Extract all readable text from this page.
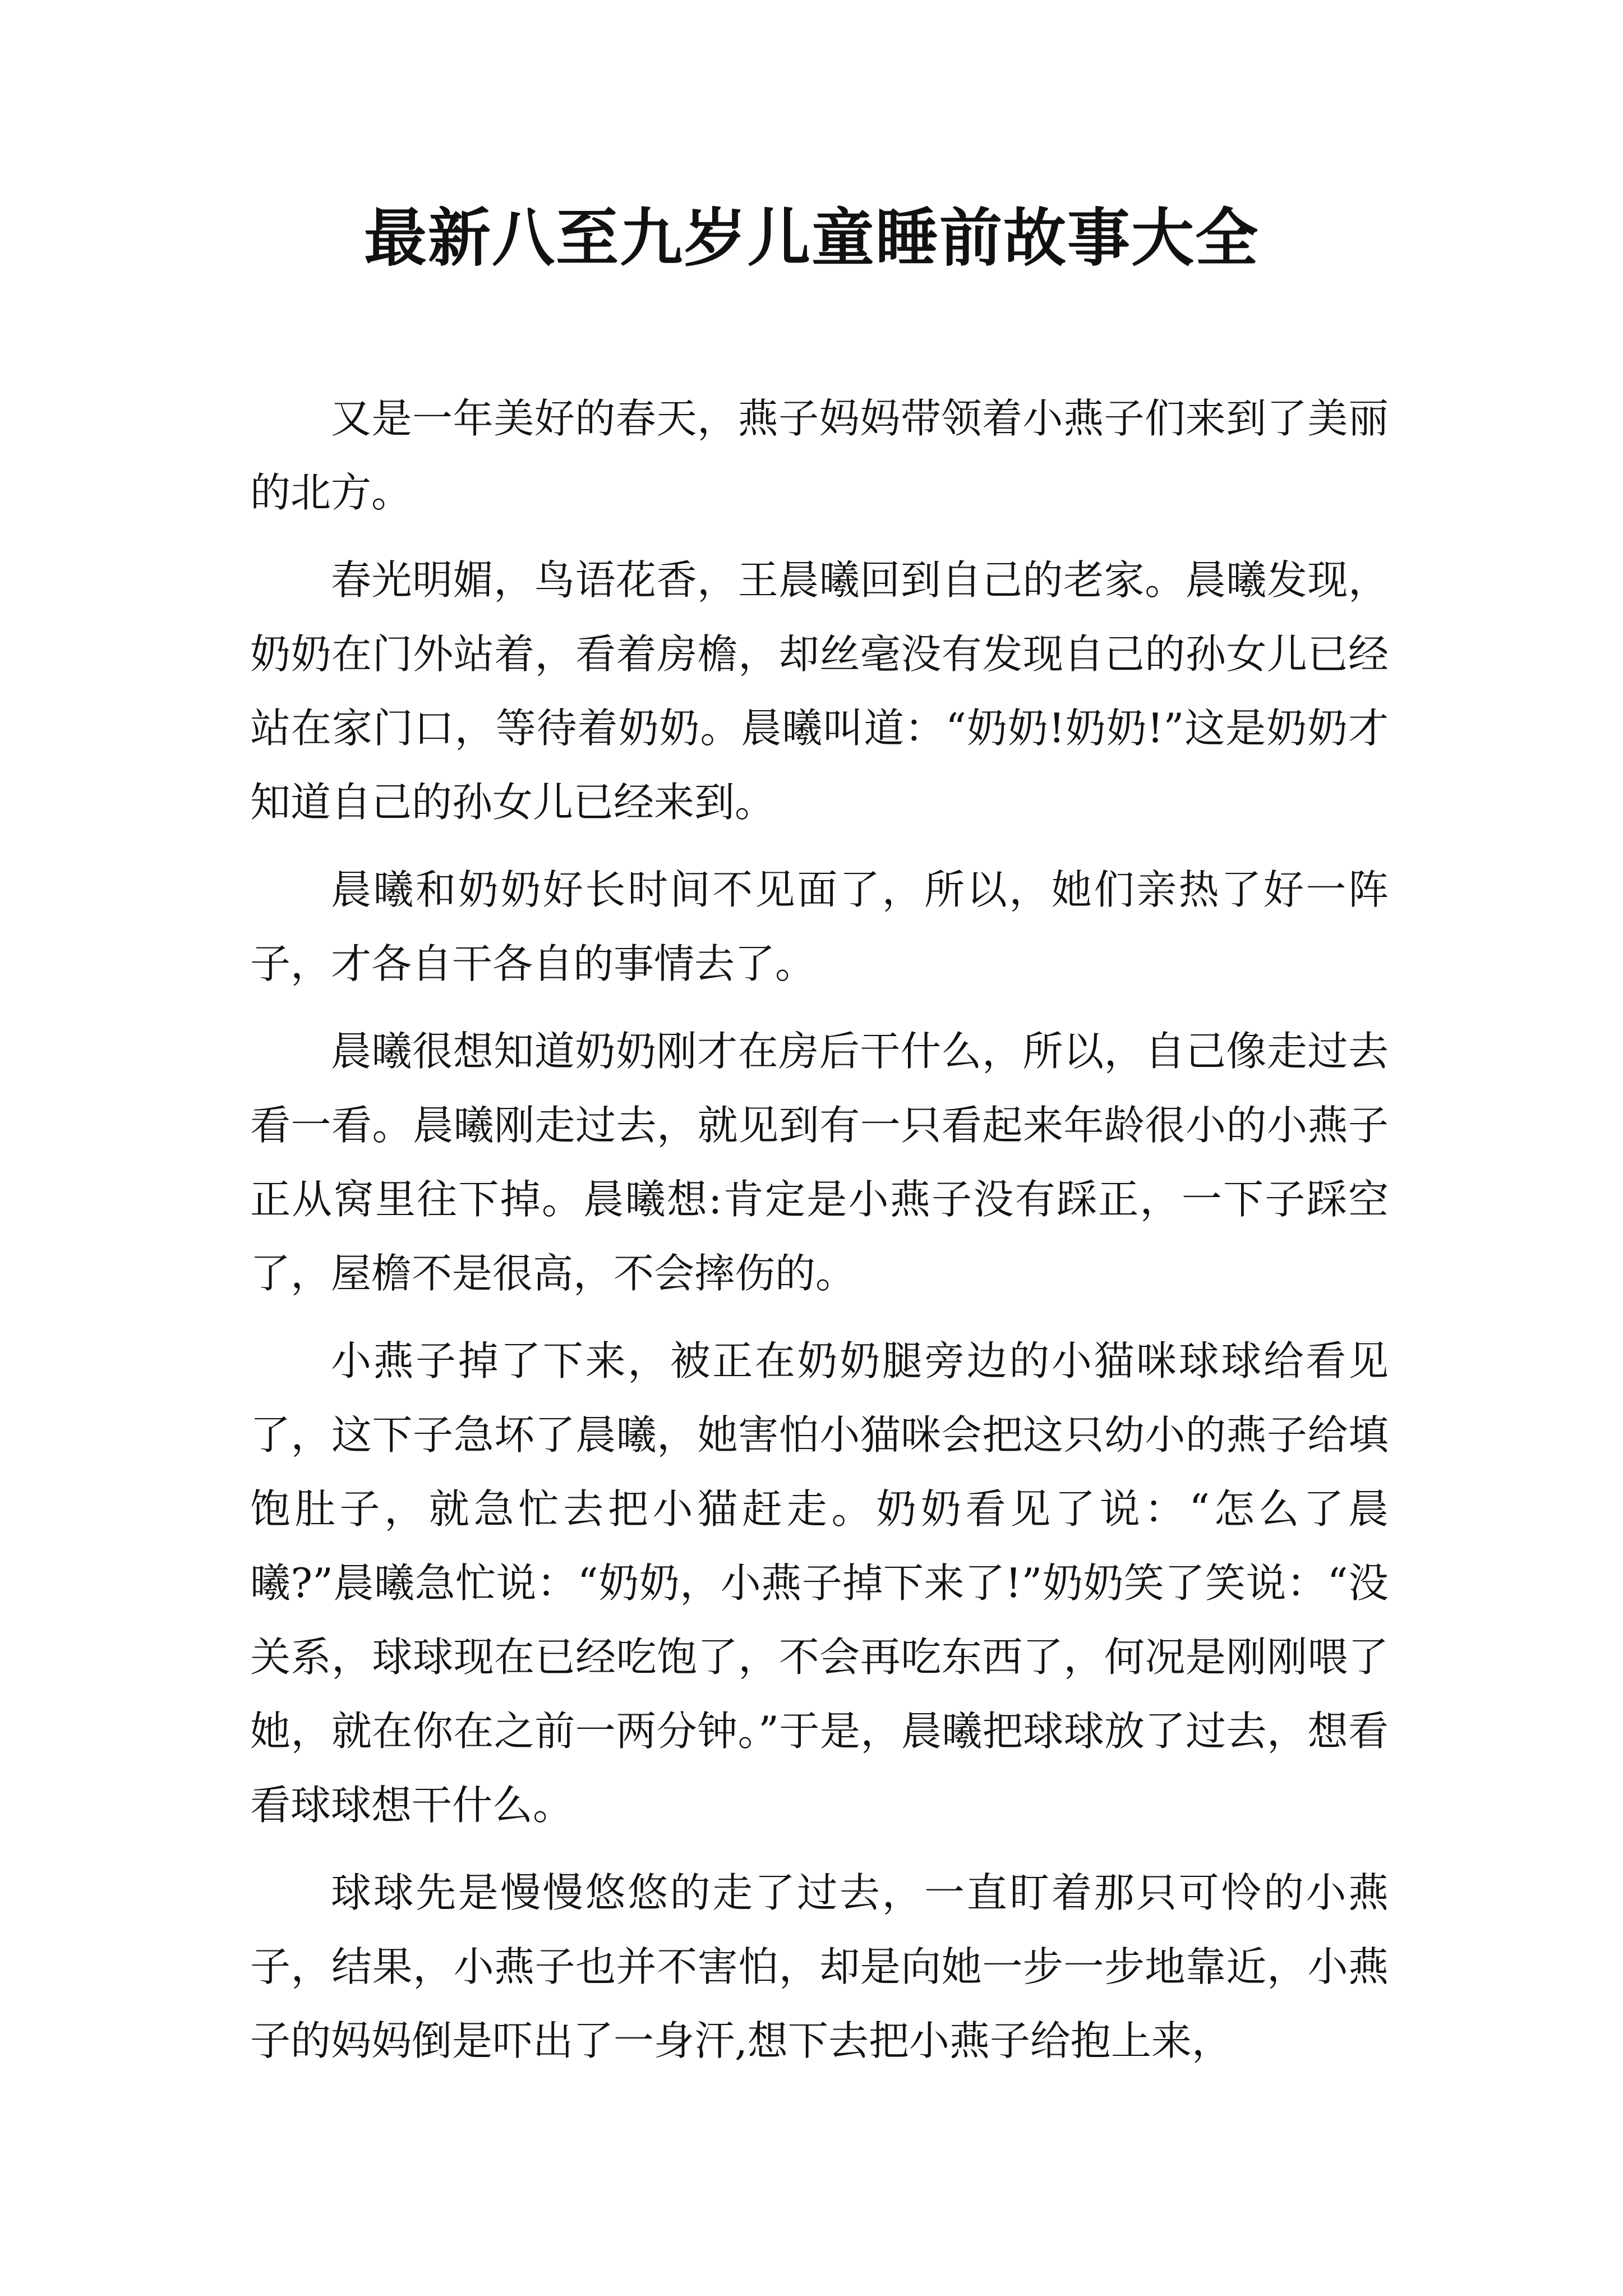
最新八至九岁儿童睡前故事大全

又是一年美好的春天，燕子妈妈带领着小燕子们来到了美丽的北方。

春光明媚，鸟语花香，王晨曦回到自己的老家。晨曦发现，奶奶在门外站着，看着房檐，却丝毫没有发现自己的孙女儿已经站在家门口，等待着奶奶。晨曦叫道：“奶奶!奶奶!”这是奶奶才知道自己的孙女儿已经来到。

晨曦和奶奶好长时间不见面了，所以，她们亲热了好一阵子，才各自干各自的事情去了。

晨曦很想知道奶奶刚才在房后干什么，所以，自己像走过去看一看。晨曦刚走过去，就见到有一只看起来年龄很小的小燕子正从窝里往下掉。晨曦想:肯定是小燕子没有踩正，一下子踩空了，屋檐不是很高，不会摔伤的。

小燕子掉了下来，被正在奶奶腿旁边的小猫咪球球给看见了，这下子急坏了晨曦，她害怕小猫咪会把这只幼小的燕子给填饱肚子，就急忙去把小猫赶走。奶奶看见了说：“怎么了晨曦?”晨曦急忙说：“奶奶，小燕子掉下来了!”奶奶笑了笑说：“没关系，球球现在已经吃饱了，不会再吃东西了，何况是刚刚喂了她，就在你在之前一两分钟。”于是，晨曦把球球放了过去，想看看球球想干什么。

球球先是慢慢悠悠的走了过去，一直盯着那只可怜的小燕子，结果，小燕子也并不害怕，却是向她一步一步地靠近，小燕子的妈妈倒是吓出了一身汗,想下去把小燕子给抱上来，
